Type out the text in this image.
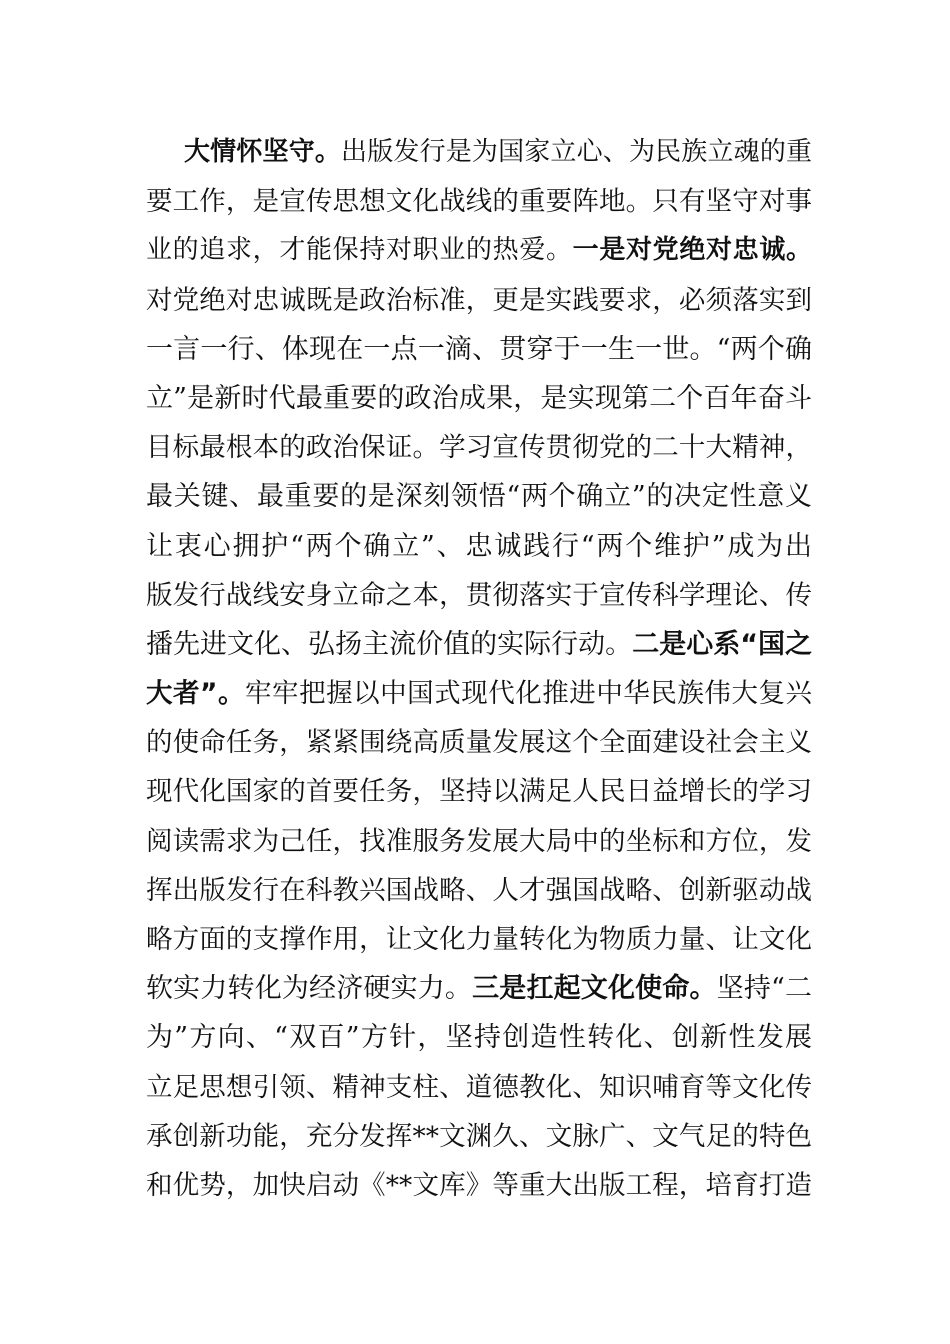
大情怀坚守。出版发行是为国家立心、为民族立魂的重
要工作，是宣传思想文化战线的重要阵地。只有坚守对事
业的追求，才能保持对职业的热爱。一是对党绝对忠诚。
对党绝对忠诚既是政治标准，更是实践要求，必须落实到
一言一行、体现在一点一滴、贯穿于一生一世。“两个确
立”是新时代最重要的政治成果，是实现第二个百年奋斗
目标最根本的政治保证。学习宣传贯彻党的二十大精神，
最关键、最重要的是深刻领悟“两个确立”的决定性意义
让衷心拥护“两个确立”、忠诚践行“两个维护”成为出
版发行战线安身立命之本，贯彻落实于宣传科学理论、传
播先进文化、弘扬主流价值的实际行动。二是心系“国之
大者”。牢牢把握以中国式现代化推进中华民族伟大复兴
的使命任务，紧紧围绕高质量发展这个全面建设社会主义
现代化国家的首要任务，坚持以满足人民日益增长的学习
阅读需求为己任，找准服务发展大局中的坐标和方位，发
挥出版发行在科教兴国战略、人才强国战略、创新驱动战
略方面的支撑作用，让文化力量转化为物质力量、让文化
软实力转化为经济硬实力。三是扛起文化使命。坚持“二
为”方向、“双百”方针，坚持创造性转化、创新性发展
立足思想引领、精神支柱、道德教化、知识哺育等文化传
承创新功能，充分发挥**文渊久、文脉广、文气足的特色
和优势，加快启动《**文库》等重大出版工程，培育打造
